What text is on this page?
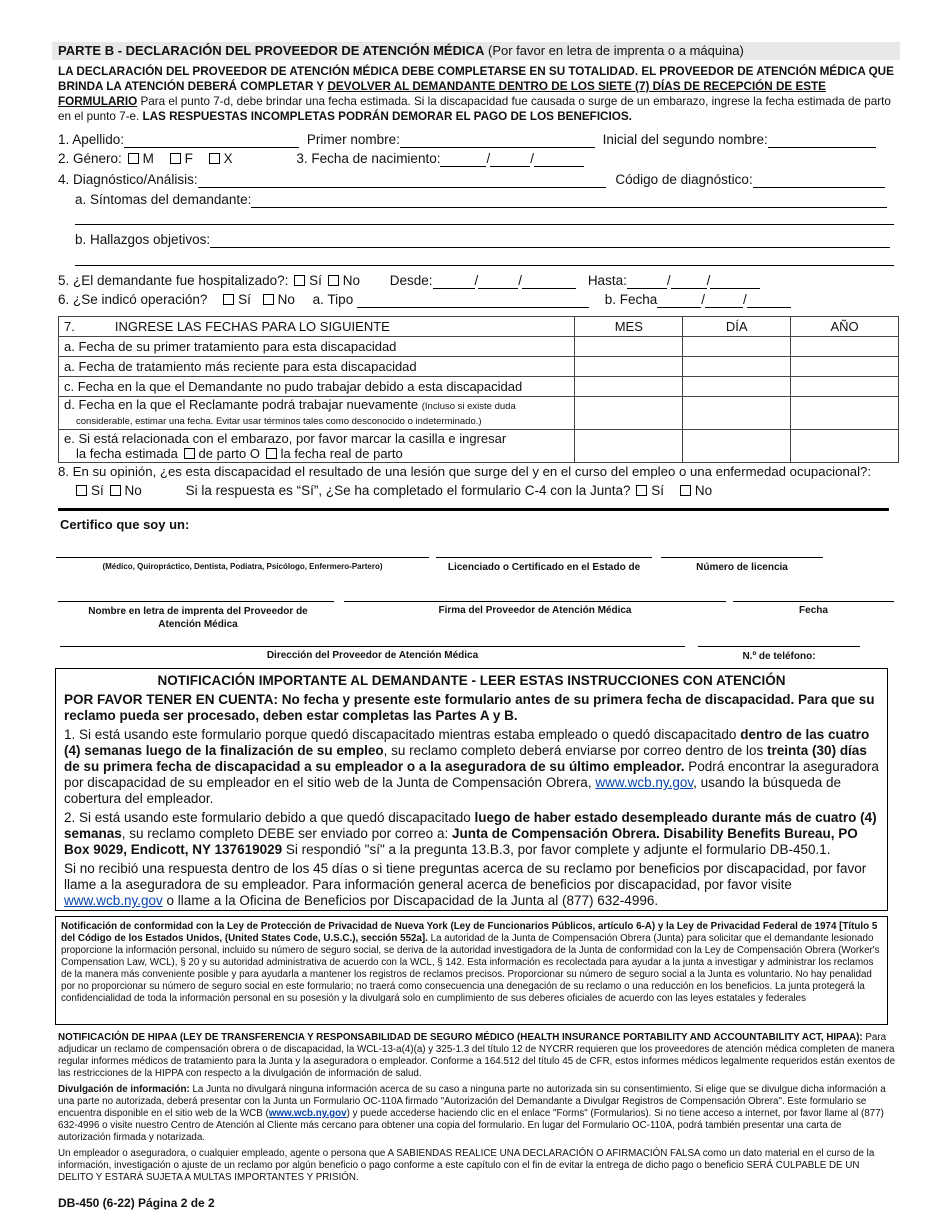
PARTE B - DECLARACIÓN DEL PROVEEDOR DE ATENCIÓN MÉDICA (Por favor en letra de imprenta o a máquina)
LA DECLARACIÓN DEL PROVEEDOR DE ATENCIÓN MÉDICA DEBE COMPLETARSE EN SU TOTALIDAD. EL PROVEEDOR DE ATENCIÓN MÉDICA QUE BRINDA LA ATENCIÓN DEBERÁ COMPLETAR Y DEVOLVER AL DEMANDANTE DENTRO DE LOS SIETE (7) DÍAS DE RECEPCIÓN DE ESTE FORMULARIO Para el punto 7-d, debe brindar una fecha estimada. Si la discapacidad fue causada o surge de un embarazo, ingrese la fecha estimada de parto en el punto 7-e. LAS RESPUESTAS INCOMPLETAS PODRÁN DEMORAR EL PAGO DE LOS BENEFICIOS.
1. Apellido:	Primer nombre:	Inicial del segundo nombre:
2. Género: M F X	3. Fecha de nacimiento:	/	/
4. Diagnóstico/Análisis:	Código de diagnóstico:
a. Síntomas del demandante:
b. Hallazgos objetivos:
5. ¿El demandante fue hospitalizado?: Sí No Desde:	/	/	Hasta:	/	/
6. ¿Se indicó operación? Sí No a. Tipo	b. Fecha	/	/
7. INGRESE LAS FECHAS PARA LO SIGUIENTE	MES	DÍA	AÑO
a. Fecha de su primer tratamiento para esta discapacidad			
a. Fecha de tratamiento más reciente para esta discapacidad			
c. Fecha en la que el Demandante no pudo trabajar debido a esta discapacidad			
d. Fecha en la que el Reclamante podrá trabajar nuevamente (Incluso si existe duda
considerable, estimar una fecha. Evitar usar términos tales como desconocido o indeterminado.)			
e. Si está relacionada con el embarazo, por favor marcar la casilla e ingresar
la fecha estimada de parto O la fecha real de parto			
8. En su opinión, ¿es esta discapacidad el resultado de una lesión que surge del y en el curso del empleo o una enfermedad ocupacional?:
Sí No	Si la respuesta es “Sí”, ¿Se ha completado el formulario C-4 con la Junta? Sí No
Certifico que soy un:
(Médico, Quiropráctico, Dentista, Podiatra, Psicólogo, Enfermero-Partero)	Licenciado o Certificado en el Estado de	Número de licencia
Nombre en letra de imprenta del Proveedor de Atención Médica
Firma del Proveedor de Atención Médica	Fecha
Dirección del Proveedor de Atención Médica	N.º de teléfono:
NOTIFICACIÓN IMPORTANTE AL DEMANDANTE - LEER ESTAS INSTRUCCIONES CON ATENCIÓN

POR FAVOR TENER EN CUENTA: No fecha y presente este formulario antes de su primera fecha de discapacidad. Para que su reclamo pueda ser procesado, deben estar completas las Partes A y B.

1. Si está usando este formulario porque quedó discapacitado mientras estaba empleado o quedó discapacitado dentro de las cuatro (4) semanas luego de la finalización de su empleo, su reclamo completo deberá enviarse por correo dentro de los treinta (30) días de su primera fecha de discapacidad a su empleador o a la aseguradora de su último empleador. Podrá encontrar la aseguradora por discapacidad de su empleador en el sitio web de la Junta de Compensación Obrera, www.wcb.ny.gov, usando la búsqueda de cobertura del empleador.

2. Si está usando este formulario debido a que quedó discapacitado luego de haber estado desempleado durante más de cuatro (4) semanas, su reclamo completo DEBE ser enviado por correo a: Junta de Compensación Obrera. Disability Benefits Bureau, PO Box 9029, Endicott, NY 137619029 Si respondió "sí" a la pregunta 13.B.3, por favor complete y adjunte el formulario DB-450.1.

Si no recibió una respuesta dentro de los 45 días o si tiene preguntas acerca de su reclamo por beneficios por discapacidad, por favor llame a la aseguradora de su empleador. Para información general acerca de beneficios por discapacidad, por favor visite www.wcb.ny.gov o llame a la Oficina de Beneficios por Discapacidad de la Junta al (877) 632-4996.

Notificación de conformidad con la Ley de Protección de Privacidad de Nueva York (Ley de Funcionarios Públicos, artículo 6-A) y la Ley de Privacidad Federal de 1974 [Título 5 del Código de los Estados Unidos, (United States Code, U.S.C.), sección 552a]. La autoridad de la Junta de Compensación Obrera (Junta) para solicitar que el demandante lesionado proporcione la información personal, incluido su número de seguro social, se deriva de la autoridad investigadora de la Junta de conformidad con la Ley de Compensación Obrera (Worker's Compensation Law, WCL), § 20 y su autoridad administrativa de acuerdo con la WCL, § 142. Esta información es recolectada para ayudar a la junta a investigar y administrar los reclamos de la manera más conveniente posible y para ayudarla a mantener los registros de reclamos precisos. Proporcionar su número de seguro social a la Junta es voluntario. No hay penalidad por no proporcionar su número de seguro social en este formulario; no traerá como consecuencia una denegación de su reclamo o una reducción en los beneficios. La junta protegerá la confidencialidad de toda la información personal en su posesión y la divulgará solo en cumplimiento de sus deberes oficiales de acuerdo con las leyes estatales y federales

NOTIFICACIÓN DE HIPAA (LEY DE TRANSFERENCIA Y RESPONSABILIDAD DE SEGURO MÉDICO (HEALTH INSURANCE PORTABILITY AND ACCOUNTABILITY ACT, HIPAA): Para adjudicar un reclamo de compensación obrera o de discapacidad, la WCL-13-a(4)(a) y 325-1.3 del título 12 de NYCRR requieren que los proveedores de atención médica completen de manera regular informes médicos de tratamiento para la Junta y la aseguradora o empleador. Conforme a 164.512 del título 45 de CFR, estos informes médicos legalmente requeridos están exentos de las restricciones de la HIPPA con respecto a la divulgación de información de salud.

Divulgación de información: La Junta no divulgará ninguna información acerca de su caso a ninguna parte no autorizada sin su consentimiento. Si elige que se divulgue dicha información a una parte no autorizada, deberá presentar con la Junta un Formulario OC-110A firmado "Autorización del Demandante a Divulgar Registros de Compensación Obrera". Este formulario se encuentra disponible en el sitio web de la WCB (www.wcb.ny.gov) y puede accederse haciendo clic en el enlace "Forms" (Formularios). Si no tiene acceso a internet, por favor llame al (877) 632-4996 o visite nuestro Centro de Atención al Cliente más cercano para obtener una copia del formulario. En lugar del Formulario OC-110A, podrá también presentar una carta de autorización firmada y notarizada.

Un empleador o aseguradora, o cualquier empleado, agente o persona que A SABIENDAS REALICE UNA DECLARACIÓN O AFIRMACIÓN FALSA como un dato material en el curso de la información, investigación o ajuste de un reclamo por algún beneficio o pago conforme a este capítulo con el fin de evitar la entrega de dicho pago o beneficio SERÁ CULPABLE DE UN DELITO Y ESTARÁ SUJETA A MULTAS IMPORTANTES Y PRISIÓN.

DB-450 (6-22) Página 2 de 2
